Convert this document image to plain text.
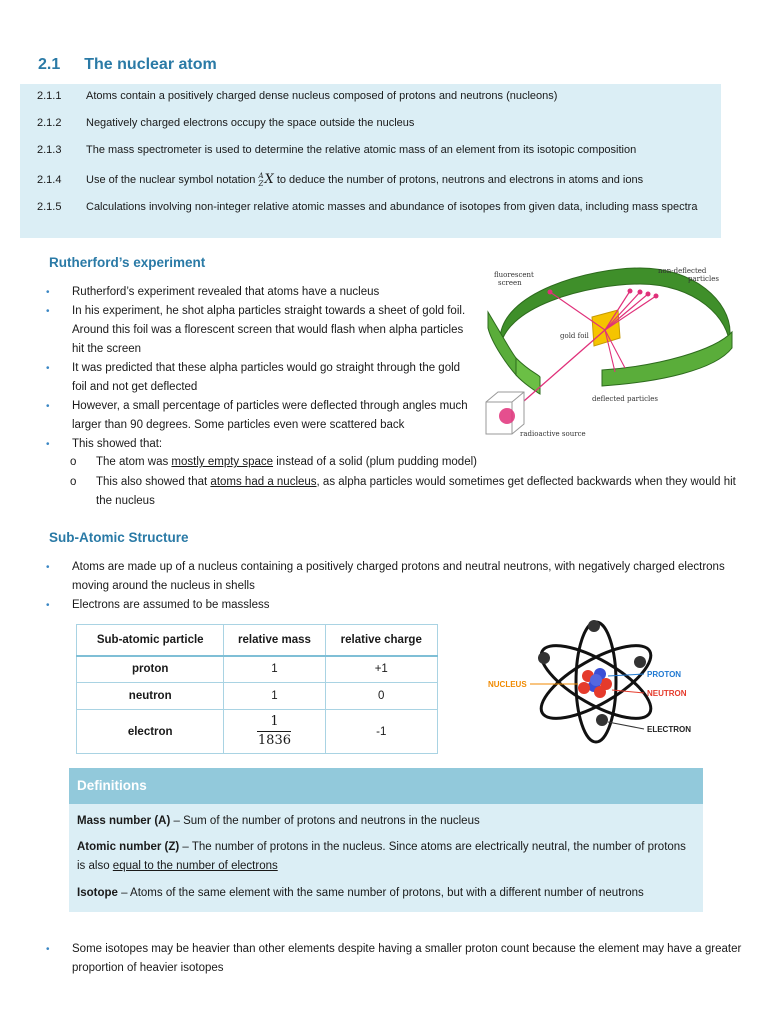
2.1 The nuclear atom
2.1.1	Atoms contain a positively charged dense nucleus composed of protons and neutrons (nucleons)
2.1.2	Negatively charged electrons occupy the space outside the nucleus
2.1.3	The mass spectrometer is used to determine the relative atomic mass of an element from its isotopic composition
2.1.4	Use of the nuclear symbol notation A
Z X to deduce the number of protons, neutrons and electrons in atoms and ions
2.1.5	Calculations involving non-integer relative atomic masses and abundance of isotopes from given data, including mass spectra
Rutherford’s experiment
• Rutherford’s experiment revealed that atoms have a nucleus
• In his experiment, he shot alpha particles straight towards a sheet of gold foil. Around this foil was a florescent screen that would flash when alpha particles hit the screen
• It was predicted that these alpha particles would go straight through the gold foil and not get deflected
• However, a small percentage of particles were deflected through angles much larger than 90 degrees. Some particles even were scattered back
• This showed that:
o The atom was mostly empty space instead of a solid (plum pudding model)
o This also showed that atoms had a nucleus, as alpha particles would sometimes get deflected backwards when they would hit the nucleus
fluorescent
screen
non-deflected
particles
gold foil
deflected particles
radioactive source
Sub-Atomic Structure
• Atoms are made up of a nucleus containing a positively charged protons and neutral neutrons, with negatively charged electrons moving around the nucleus in shells
• Electrons are assumed to be massless
Sub-atomic particle	relative mass	relative charge
proton	1	+1
neutron	1	0
electron	$\frac{1}{1836}$	-1
NUCLEUS
PROTON
NEUTRON
ELECTRON
Definitions
Mass number (A) – Sum of the number of protons and neutrons in the nucleus
Atomic number (Z) – The number of protons in the nucleus. Since atoms are electrically neutral, the number of protons is also equal to the number of electrons
Isotope – Atoms of the same element with the same number of protons, but with a different number of neutrons
• Some isotopes may be heavier than other elements despite having a smaller proton count because the element may have a greater proportion of heavier isotopes
